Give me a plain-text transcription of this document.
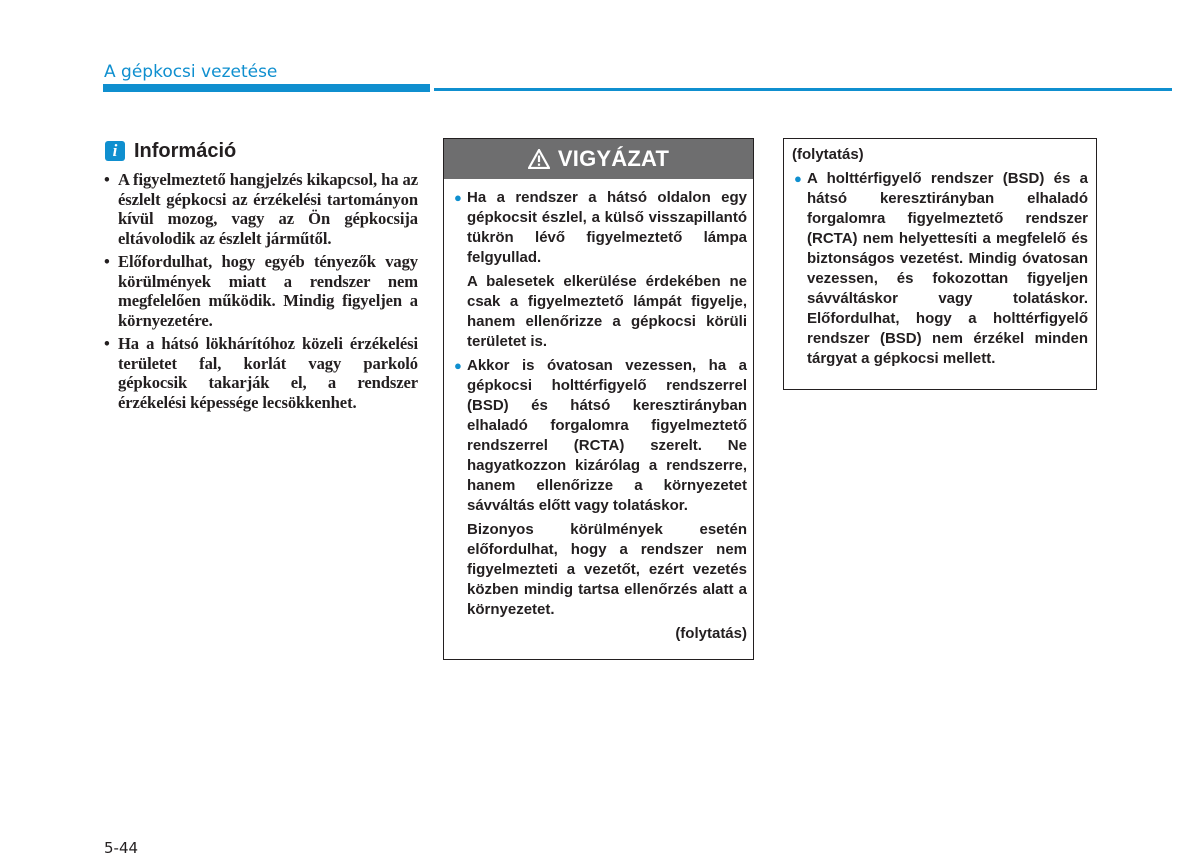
A gépkocsi vezetése
i Információ
• A figyelmeztető hangjelzés kikapcsol, ha az észlelt gépkocsi az érzékelési tartományon kívül mozog, vagy az Ön gépkocsija eltávolodik az észlelt járműtől.
• Előfordulhat, hogy egyéb tényezők vagy körülmények miatt a rendszer nem megfelelően működik. Mindig figyeljen a környezetére.
• Ha a hátsó lökhárítóhoz közeli érzékelési területet fal, korlát vagy parkoló gépkocsik takarják el, a rendszer érzékelési képessége lecsökkenhet.
VIGYÁZAT
● Ha a rendszer a hátsó oldalon egy gépkocsit észlel, a külső visszapillantó tükrön lévő figyelmeztető lámpa felgyullad.

A balesetek elkerülése érdekében ne csak a figyelmeztető lámpát figyelje, hanem ellenőrizze a gépkocsi körüli területet is.

● Akkor is óvatosan vezessen, ha a gépkocsi holttérfigyelő rendszerrel (BSD) és hátsó keresztirányban elhaladó forgalomra figyelmeztető rendszerrel (RCTA) szerelt. Ne hagyatkozzon kizárólag a rendszerre, hanem ellenőrizze a környezetet sávváltás előtt vagy tolatáskor.

Bizonyos körülmények esetén előfordulhat, hogy a rendszer nem figyelmezteti a vezetőt, ezért vezetés közben mindig tartsa ellenőrzés alatt a környezetet.

(folytatás)
(folytatás)
● A holttérfigyelő rendszer (BSD) és a hátsó keresztirányban elhaladó forgalomra figyelmeztető rendszer (RCTA) nem helyettesíti a megfelelő és biztonságos vezetést. Mindig óvatosan vezessen, és fokozottan figyeljen sávváltáskor vagy tolatáskor. Előfordulhat, hogy a holttérfigyelő rendszer (BSD) nem érzékel minden tárgyat a gépkocsi mellett.
5-44
